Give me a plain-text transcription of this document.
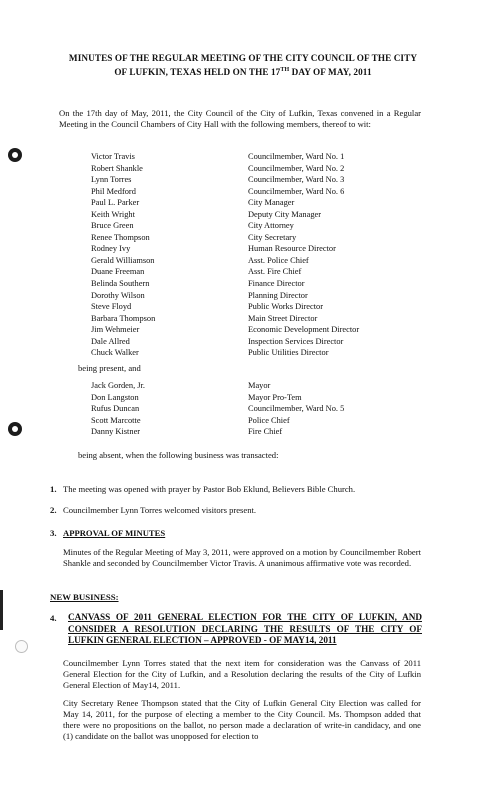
MINUTES OF THE REGULAR MEETING OF THE CITY COUNCIL OF THE CITY
OF LUFKIN, TEXAS HELD ON THE 17TH DAY OF MAY, 2011
On the 17th day of May, 2011, the City Council of the City of Lufkin, Texas convened in a Regular Meeting in the Council Chambers of City Hall with the following members, thereof to wit:
Victor Travis	Councilmember, Ward No. 1
Robert Shankle	Councilmember, Ward No. 2
Lynn Torres	Councilmember, Ward No. 3
Phil Medford	Councilmember, Ward No. 6
Paul L. Parker	City Manager
Keith Wright	Deputy City Manager
Bruce Green	City Attorney
Renee Thompson	City Secretary
Rodney Ivy	Human Resource Director
Gerald Williamson	Asst. Police Chief
Duane Freeman	Asst. Fire Chief
Belinda Southern	Finance Director
Dorothy Wilson	Planning Director
Steve Floyd	Public Works Director
Barbara Thompson	Main Street Director
Jim Wehmeier	Economic Development Director
Dale Allred	Inspection Services Director
Chuck Walker	Public Utilities Director
being present, and
Jack Gorden, Jr.	Mayor
Don Langston	Mayor Pro-Tem
Rufus Duncan	Councilmember, Ward No. 5
Scott Marcotte	Police Chief
Danny Kistner	Fire Chief
being absent, when the following business was transacted:
1. The meeting was opened with prayer by Pastor Bob Eklund, Believers Bible Church.
2. Councilmember Lynn Torres welcomed visitors present.
3. APPROVAL OF MINUTES
Minutes of the Regular Meeting of May 3, 2011, were approved on a motion by Councilmember Robert Shankle and seconded by Councilmember Victor Travis. A unanimous affirmative vote was recorded.
NEW BUSINESS:
4. CANVASS OF 2011 GENERAL ELECTION FOR THE CITY OF LUFKIN, AND CONSIDER A RESOLUTION DECLARING THE RESULTS OF THE CITY OF LUFKIN GENERAL ELECTION – APPROVED - OF MAY14, 2011
Councilmember Lynn Torres stated that the next item for consideration was the Canvass of 2011 General Election for the City of Lufkin, and a Resolution declaring the results of the City of Lufkin General Election of May14, 2011.
City Secretary Renee Thompson stated that the City of Lufkin General City Election was called for May 14, 2011, for the purpose of electing a member to the City Council. Ms. Thompson added that there were no propositions on the ballot, no person made a declaration of write-in candidacy, and one (1) candidate on the ballot was unopposed for election to
